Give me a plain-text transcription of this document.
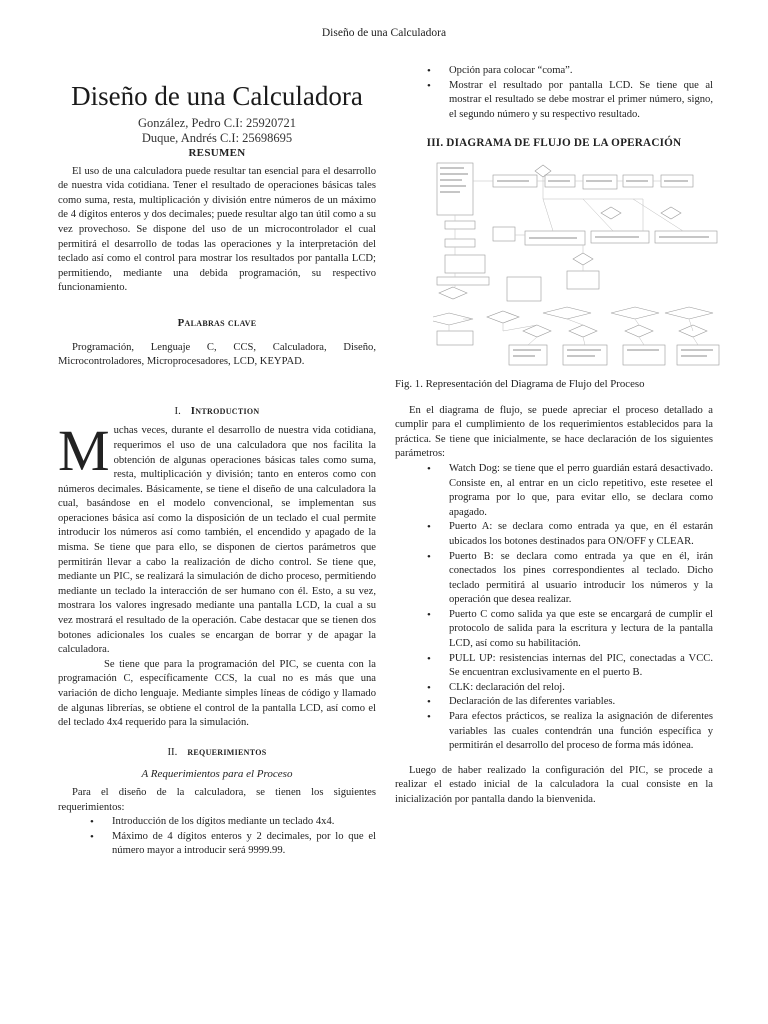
Diseño de una Calculadora
Diseño de una Calculadora
González, Pedro C.I: 25920721
Duque, Andrés C.I: 25698695
RESUMEN

El uso de una calculadora puede resultar tan esencial para el desarrollo de nuestra vida cotidiana. Tener el resultado de operaciones básicas tales como suma, resta, multiplicación y división entre números de un máximo de 4 dígitos enteros y dos decimales; puede resultar algo tan útil como a su vez provechoso. Se dispone del uso de un microcontrolador el cual permitirá el desarrollo de todas las operaciones y la interpretación del teclado así como el control para mostrar los resultados por pantalla LCD; permitiendo, mediante una debida programación, su respectivo funcionamiento.

Palabras clave

Programación, Lenguaje C, CCS, Calculadora, Diseño, Microcontroladores, Microprocesadores, LCD, KEYPAD.

I. Introduction

Muchas veces, durante el desarrollo de nuestra vida cotidiana, requerimos el uso de una calculadora que nos facilita la obtención de algunas operaciones básicas tales como suma, resta, multiplicación y división; tanto en enteros como con números decimales. Básicamente, se tiene el diseño de una calculadora la cual, basándose en el modelo convencional, se implementan sus operaciones básica así como la disposición de un teclado el cual permite introducir los números así como también, el encendido y apagado de la misma. Se tiene que para ello, se disponen de ciertos parámetros que permitirán llevar a cabo la realización de dicho control. Se tiene que, mediante un PIC, se realizará la simulación de dicho proceso, permitiendo mediante un teclado la interacción de ser humano con él. Esto, a su vez, mostrara los valores ingresado mediante una pantalla LCD, la cual a su vez mostrará el resultado de la operación. Cabe destacar que se tienen dos botones adicionales los cuales se encargan de borrar y de apagar la calculadora.

Se tiene que para la programación del PIC, se cuenta con la programación C, específicamente CCS, la cual no es más que una variación de dicho lenguaje. Mediante simples líneas de código y llamado de algunas librerías, se obtiene el control de la pantalla LCD, así como el del teclado 4x4 requerido para la simulación.

II. requerimientos
A Requerimientos para el Proceso

Para el diseño de la calculadora, se tienen los siguientes requerimientos:

• Introducción de los dígitos mediante un teclado 4x4.
• Máximo de 4 dígitos enteros y 2 decimales, por lo que el número mayor a introducir será 9999.99.
• Opción para colocar “coma”.
• Mostrar el resultado por pantalla LCD. Se tiene que al mostrar el resultado se debe mostrar el primer número, signo, el segundo número y su respectivo resultado.
III. DIAGRAMA DE FLUJO DE LA OPERACIÓN
Fig. 1. Representación del Diagrama de Flujo del Proceso

En el diagrama de flujo, se puede apreciar el proceso detallado a cumplir para el cumplimiento de los requerimientos establecidos para la práctica. Se tiene que inicialmente, se hace declaración de los siguientes parámetros:

• Watch Dog: se tiene que el perro guardián estará desactivado. Consiste en, al entrar en un ciclo repetitivo, este resetee el programa por lo que, para evitar ello, se declara como apagado.
• Puerto A: se declara como entrada ya que, en él estarán ubicados los botones destinados para ON/OFF y CLEAR.
• Puerto B: se declara como entrada ya que en él, irán conectados los pines correspondientes al teclado. Dicho teclado permitirá al usuario introducir los números y la operación que desea realizar.
• Puerto C como salida ya que este se encargará de cumplir el protocolo de salida para la escritura y lectura de la pantalla LCD, así como su habilitación.
• PULL UP: resistencias internas del PIC, conectadas a VCC. Se encuentran exclusivamente en el puerto B.
• CLK: declaración del reloj.
• Declaración de las diferentes variables.
• Para efectos prácticos, se realiza la asignación de diferentes variables las cuales contendrán una función específica y permitirán el desarrollo del proceso de forma más idónea.

Luego de haber realizado la configuración del PIC, se procede a realizar el estado inicial de la calculadora la cual consiste en la inicialización por pantalla dando la bienvenida.
